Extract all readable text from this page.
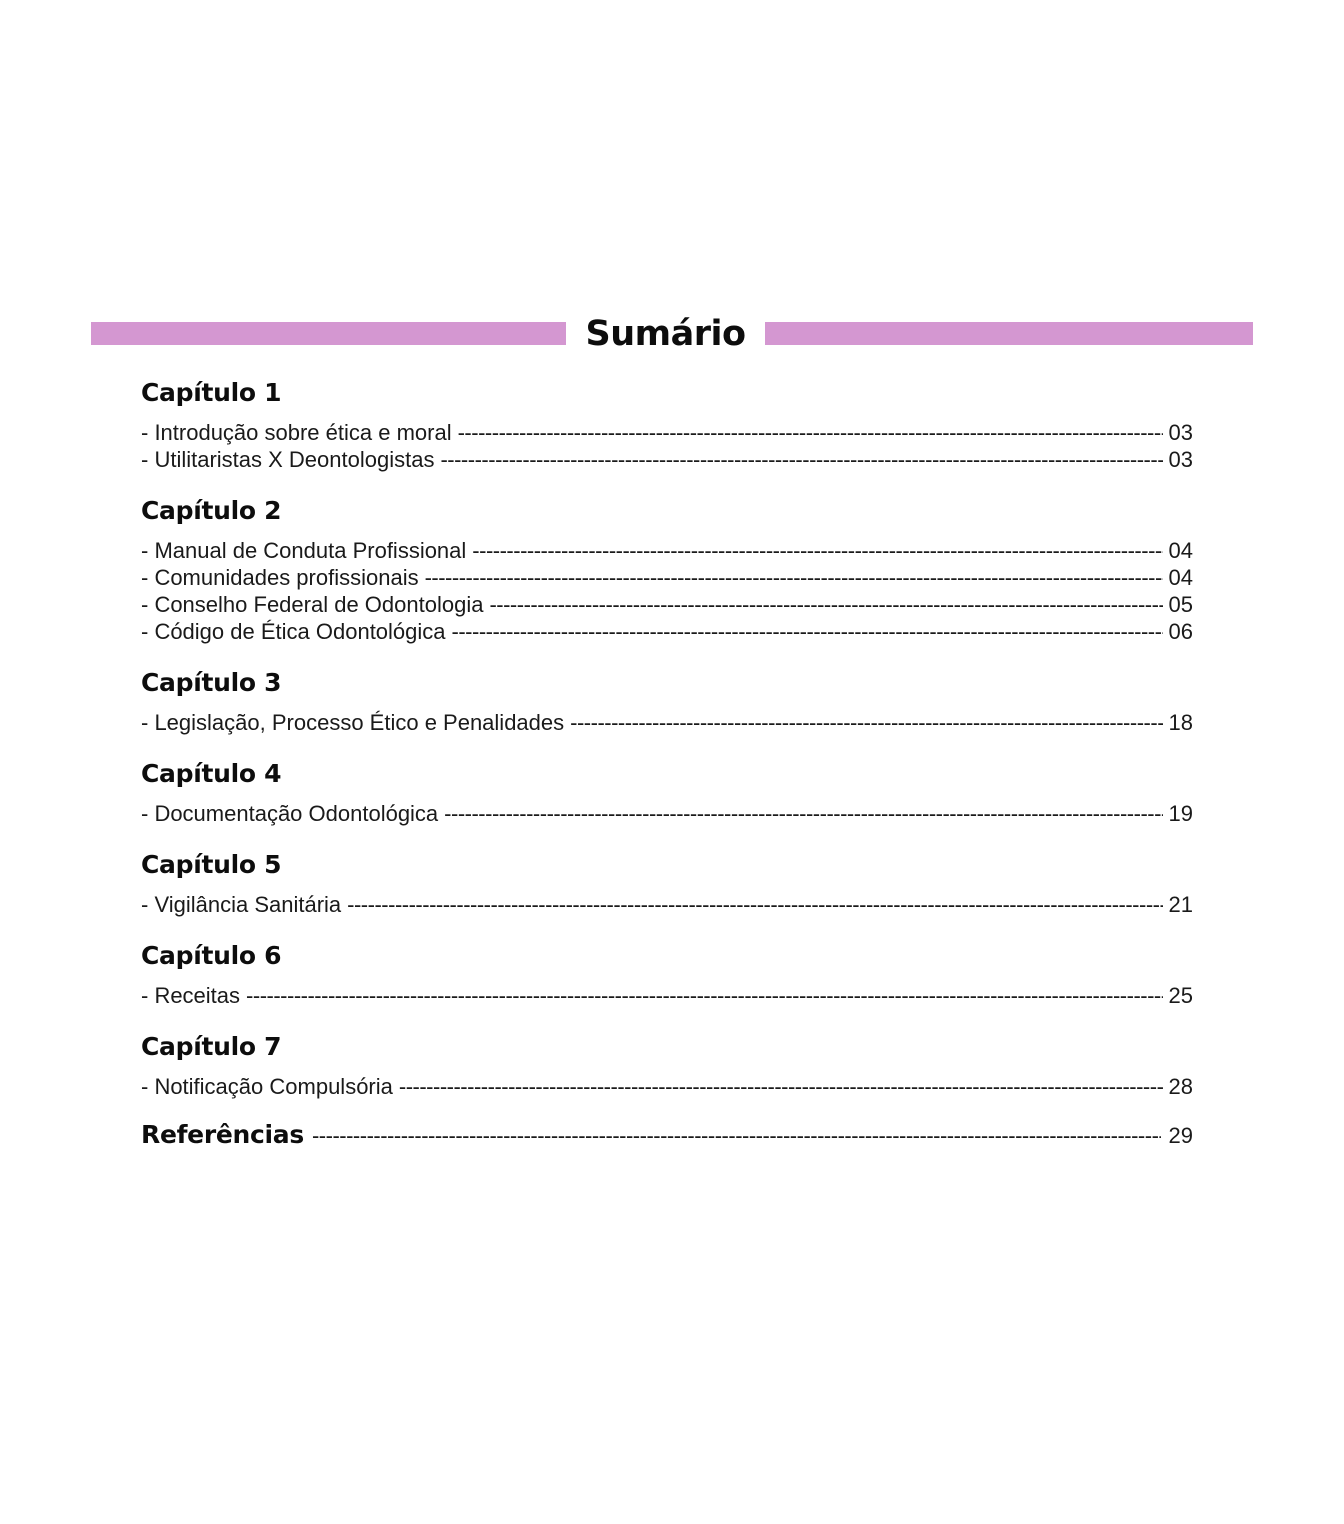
Sumário
Capítulo 1
- Introdução sobre ética e moral -----	03
- Utilitaristas X Deontologistas -----	03
Capítulo 2
- Manual de Conduta Profissional -----	04
- Comunidades profissionais -----	04
- Conselho Federal de Odontologia -----	05
- Código de Ética Odontológica -----	06
Capítulo 3
- Legislação, Processo Ético e Penalidades -----	18
Capítulo 4
- Documentação Odontológica -----	19
Capítulo 5
- Vigilância Sanitária -----	21
Capítulo 6
- Receitas -----	25
Capítulo 7
- Notificação Compulsória -----	28
Referências -----	29
